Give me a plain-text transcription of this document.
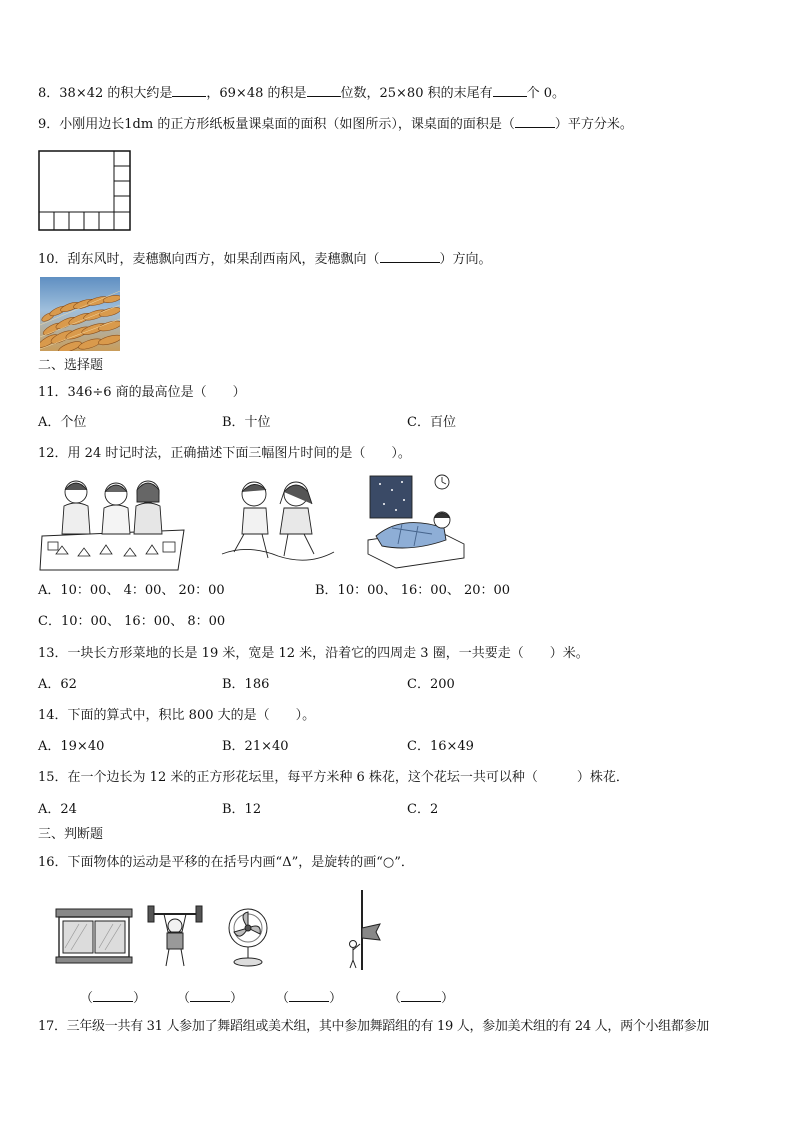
8．38×42 的积大约是	，69×48 的积是	位数，25×80 积的末尾有	个 0。
9．小刚用边长1dm 的正方形纸板量课桌面的面积（如图所示），课桌面的面积是（	）平方分米。
10．刮东风时，麦穗飘向西方，如果刮西南风，麦穗飘向（	）方向。
二、选择题
11．346÷6 商的最高位是（　　）
A．个位	B．十位	C．百位
12．用 24 时记时法，正确描述下面三幅图片时间的是（　　）。
A．10：00、 4：00、 20：00	B．10：00、 16：00、 20：00
C．10：00、 16：00、 8：00
13．一块长方形菜地的长是 19 米，宽是 12 米，沿着它的四周走 3 圈，一共要走（　　）米。
A．62	B．186	C．200
14．下面的算式中，积比 800 大的是（　　）。
A．19×40	B．21×40	C．16×49
15．在一个边长为 12 米的正方形花坛里，每平方米种 6 株花，这个花坛一共可以种（　　　）株花．
A．24	B．12	C．2
三、判断题
16．下面物体的运动是平移的在括号内画“Δ”，是旋转的画“○”．
（	） （	）	（	）	（	）
17．三年级一共有 31 人参加了舞蹈组或美术组，其中参加舞蹈组的有 19 人，参加美术组的有 24 人，两个小组都参加
